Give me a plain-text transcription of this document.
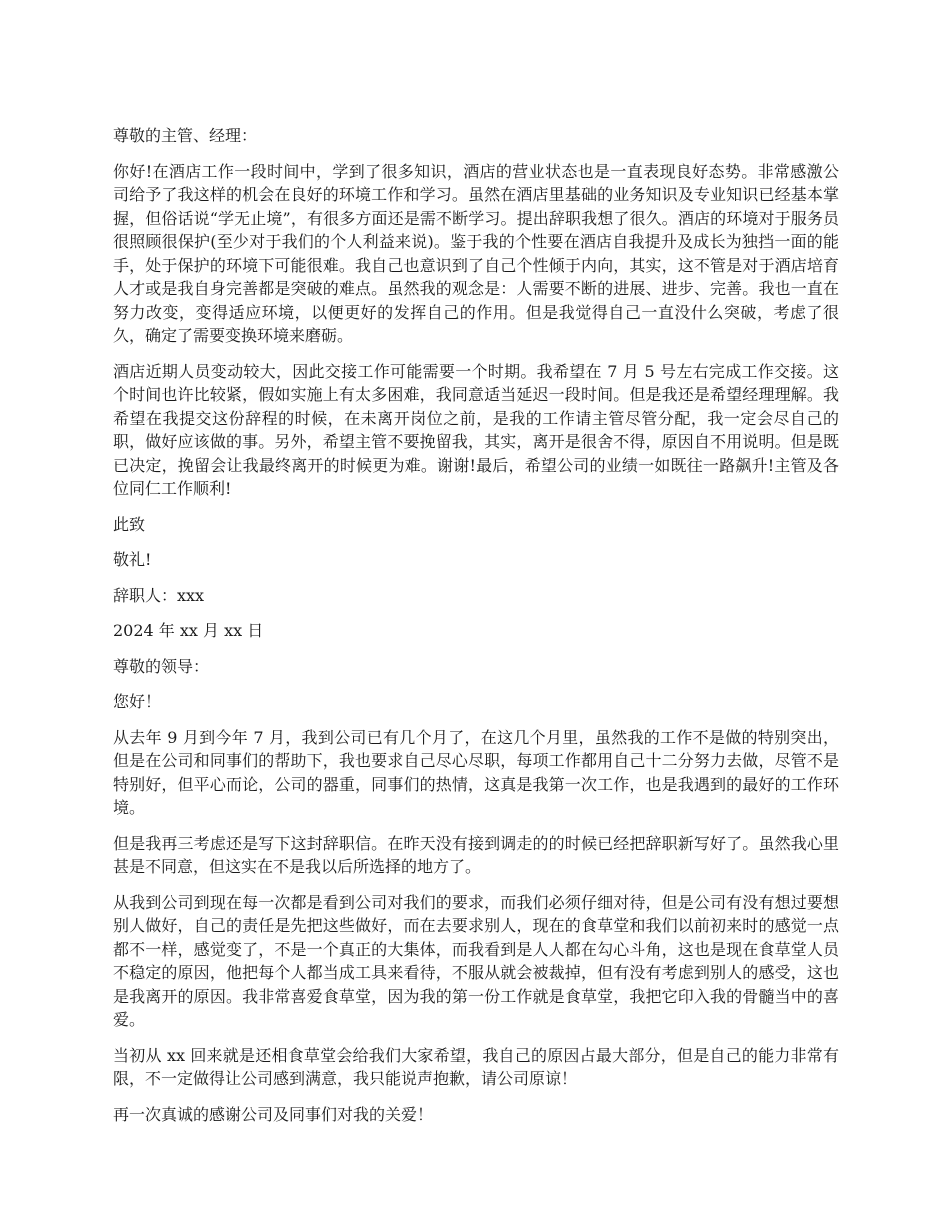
尊敬的主管、经理：

你好!在酒店工作一段时间中，学到了很多知识，酒店的营业状态也是一直表现良好态势。非常感激公司给予了我这样的机会在良好的环境工作和学习。虽然在酒店里基础的业务知识及专业知识已经基本掌握，但俗话说“学无止境”，有很多方面还是需不断学习。提出辞职我想了很久。酒店的环境对于服务员很照顾很保护(至少对于我们的个人利益来说)。鉴于我的个性要在酒店自我提升及成长为独挡一面的能手，处于保护的环境下可能很难。我自己也意识到了自己个性倾于内向，其实，这不管是对于酒店培育人才或是我自身完善都是突破的难点。虽然我的观念是：人需要不断的进展、进步、完善。我也一直在努力改变，变得适应环境，以便更好的发挥自己的作用。但是我觉得自己一直没什么突破，考虑了很久，确定了需要变换环境来磨砺。

酒店近期人员变动较大，因此交接工作可能需要一个时期。我希望在 7 月 5 号左右完成工作交接。这个时间也许比较紧，假如实施上有太多困难，我同意适当延迟一段时间。但是我还是希望经理理解。我希望在我提交这份辞程的时候，在未离开岗位之前，是我的工作请主管尽管分配，我一定会尽自己的职，做好应该做的事。另外，希望主管不要挽留我，其实，离开是很舍不得，原因自不用说明。但是既已决定，挽留会让我最终离开的时候更为难。谢谢!最后，希望公司的业绩一如既往一路飙升!主管及各位同仁工作顺利!

此致

敬礼!

辞职人：xxx

2024 年 xx 月 xx 日

尊敬的领导：

您好！

从去年 9 月到今年 7 月，我到公司已有几个月了，在这几个月里，虽然我的工作不是做的特别突出，但是在公司和同事们的帮助下，我也要求自己尽心尽职，每项工作都用自己十二分努力去做，尽管不是特别好，但平心而论，公司的器重，同事们的热情，这真是我第一次工作，也是我遇到的最好的工作环境。

但是我再三考虑还是写下这封辞职信。在昨天没有接到调走的的时候已经把辞职新写好了。虽然我心里甚是不同意，但这实在不是我以后所选择的地方了。

从我到公司到现在每一次都是看到公司对我们的要求，而我们必须仔细对待，但是公司有没有想过要想别人做好，自己的责任是先把这些做好，而在去要求别人，现在的食草堂和我们以前初来时的感觉一点都不一样，感觉变了，不是一个真正的大集体，而我看到是人人都在勾心斗角，这也是现在食草堂人员不稳定的原因，他把每个人都当成工具来看待，不服从就会被裁掉，但有没有考虑到别人的感受，这也是我离开的原因。我非常喜爱食草堂，因为我的第一份工作就是食草堂，我把它印入我的骨髓当中的喜爱。

当初从 xx 回来就是还相食草堂会给我们大家希望，我自己的原因占最大部分，但是自己的能力非常有限，不一定做得让公司感到满意，我只能说声抱歉，请公司原谅！

再一次真诚的感谢公司及同事们对我的关爱！
